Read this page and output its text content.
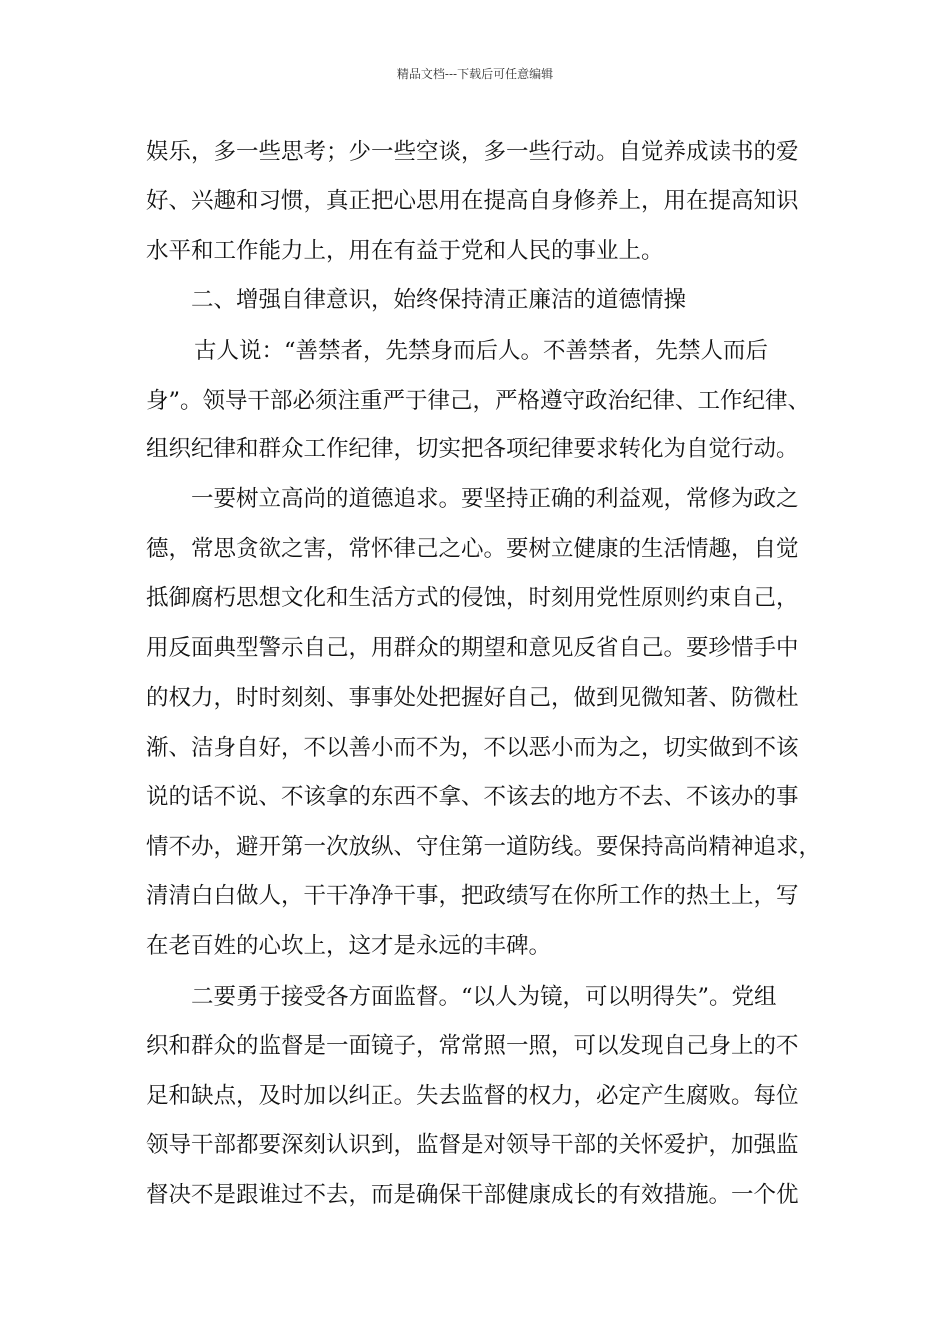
精品文档---下载后可任意编辑
娱乐，多一些思考；少一些空谈，多一些行动。自觉养成读书的爱
好、兴趣和习惯，真正把心思用在提高自身修养上，用在提高知识
水平和工作能力上，用在有益于党和人民的事业上。
二、增强自律意识，始终保持清正廉洁的道德情操
古人说：“善禁者，先禁身而后人。不善禁者，先禁人而后
身”。领导干部必须注重严于律己，严格遵守政治纪律、工作纪律、
组织纪律和群众工作纪律，切实把各项纪律要求转化为自觉行动。
一要树立高尚的道德追求。要坚持正确的利益观，常修为政之
德，常思贪欲之害，常怀律己之心。要树立健康的生活情趣，自觉
抵御腐朽思想文化和生活方式的侵蚀，时刻用党性原则约束自己，
用反面典型警示自己，用群众的期望和意见反省自己。要珍惜手中
的权力，时时刻刻、事事处处把握好自己，做到见微知著、防微杜
渐、洁身自好，不以善小而不为，不以恶小而为之，切实做到不该
说的话不说、不该拿的东西不拿、不该去的地方不去、不该办的事
情不办，避开第一次放纵、守住第一道防线。要保持高尚精神追求，
清清白白做人，干干净净干事，把政绩写在你所工作的热土上，写
在老百姓的心坎上，这才是永远的丰碑。
二要勇于接受各方面监督。“以人为镜，可以明得失”。党组
织和群众的监督是一面镜子，常常照一照，可以发现自己身上的不
足和缺点，及时加以纠正。失去监督的权力，必定产生腐败。每位
领导干部都要深刻认识到，监督是对领导干部的关怀爱护，加强监
督决不是跟谁过不去，而是确保干部健康成长的有效措施。一个优
